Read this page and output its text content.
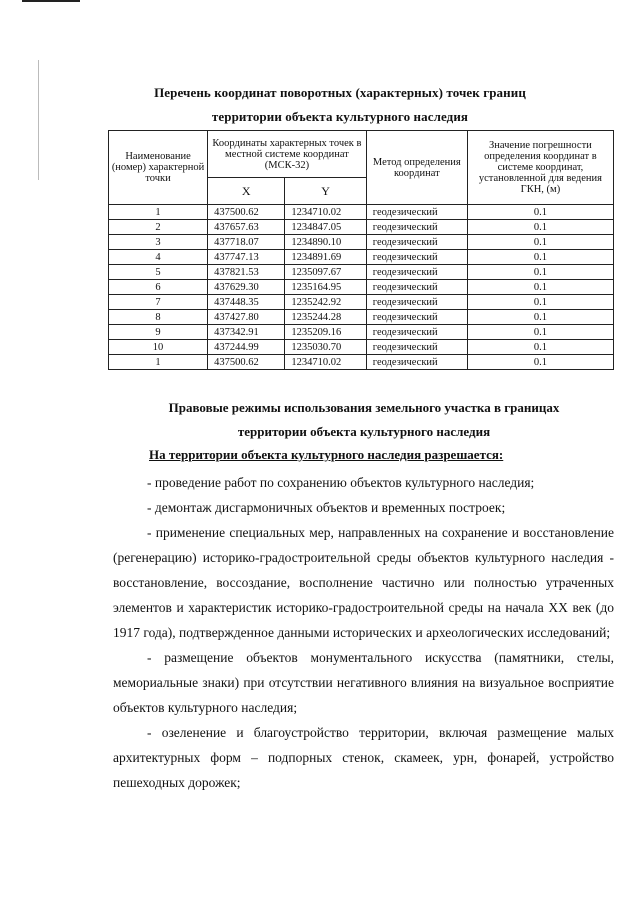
Перечень координат поворотных (характерных) точек границ
территории объекта культурного наследия
Наименование (номер) характерной точки	Координаты характерных точек в местной системе координат (МСК-32)		Метод определения координат	Значение погрешности определения координат в системе координат, установленной для ведения ГКН, (м)
	X	Y		
1	437500.62	1234710.02	геодезический	0.1
2	437657.63	1234847.05	геодезический	0.1
3	437718.07	1234890.10	геодезический	0.1
4	437747.13	1234891.69	геодезический	0.1
5	437821.53	1235097.67	геодезический	0.1
6	437629.30	1235164.95	геодезический	0.1
7	437448.35	1235242.92	геодезический	0.1
8	437427.80	1235244.28	геодезический	0.1
9	437342.91	1235209.16	геодезический	0.1
10	437244.99	1235030.70	геодезический	0.1
1	437500.62	1234710.02	геодезический	0.1
Правовые режимы использования земельного участка в границах
территории объекта культурного наследия
На территории объекта культурного наследия разрешается:

- проведение работ по сохранению объектов культурного наследия;

- демонтаж дисгармоничных объектов и временных построек;

- применение специальных мер, направленных на сохранение и восстановление (регенерацию) историко-градостроительной среды объектов культурного наследия - восстановление, воссоздание, восполнение частично или полностью утраченных элементов и характеристик историко-градостроительной среды на начала XX век (до 1917 года), подтвержденное данными исторических и археологических исследований;

- размещение объектов монументального искусства (памятники, стелы, мемориальные знаки) при отсутствии негативного влияния на визуальное восприятие объектов культурного наследия;

- озеленение и благоустройство территории, включая размещение малых архитектурных форм – подпорных стенок, скамеек, урн, фонарей, устройство пешеходных дорожек;
